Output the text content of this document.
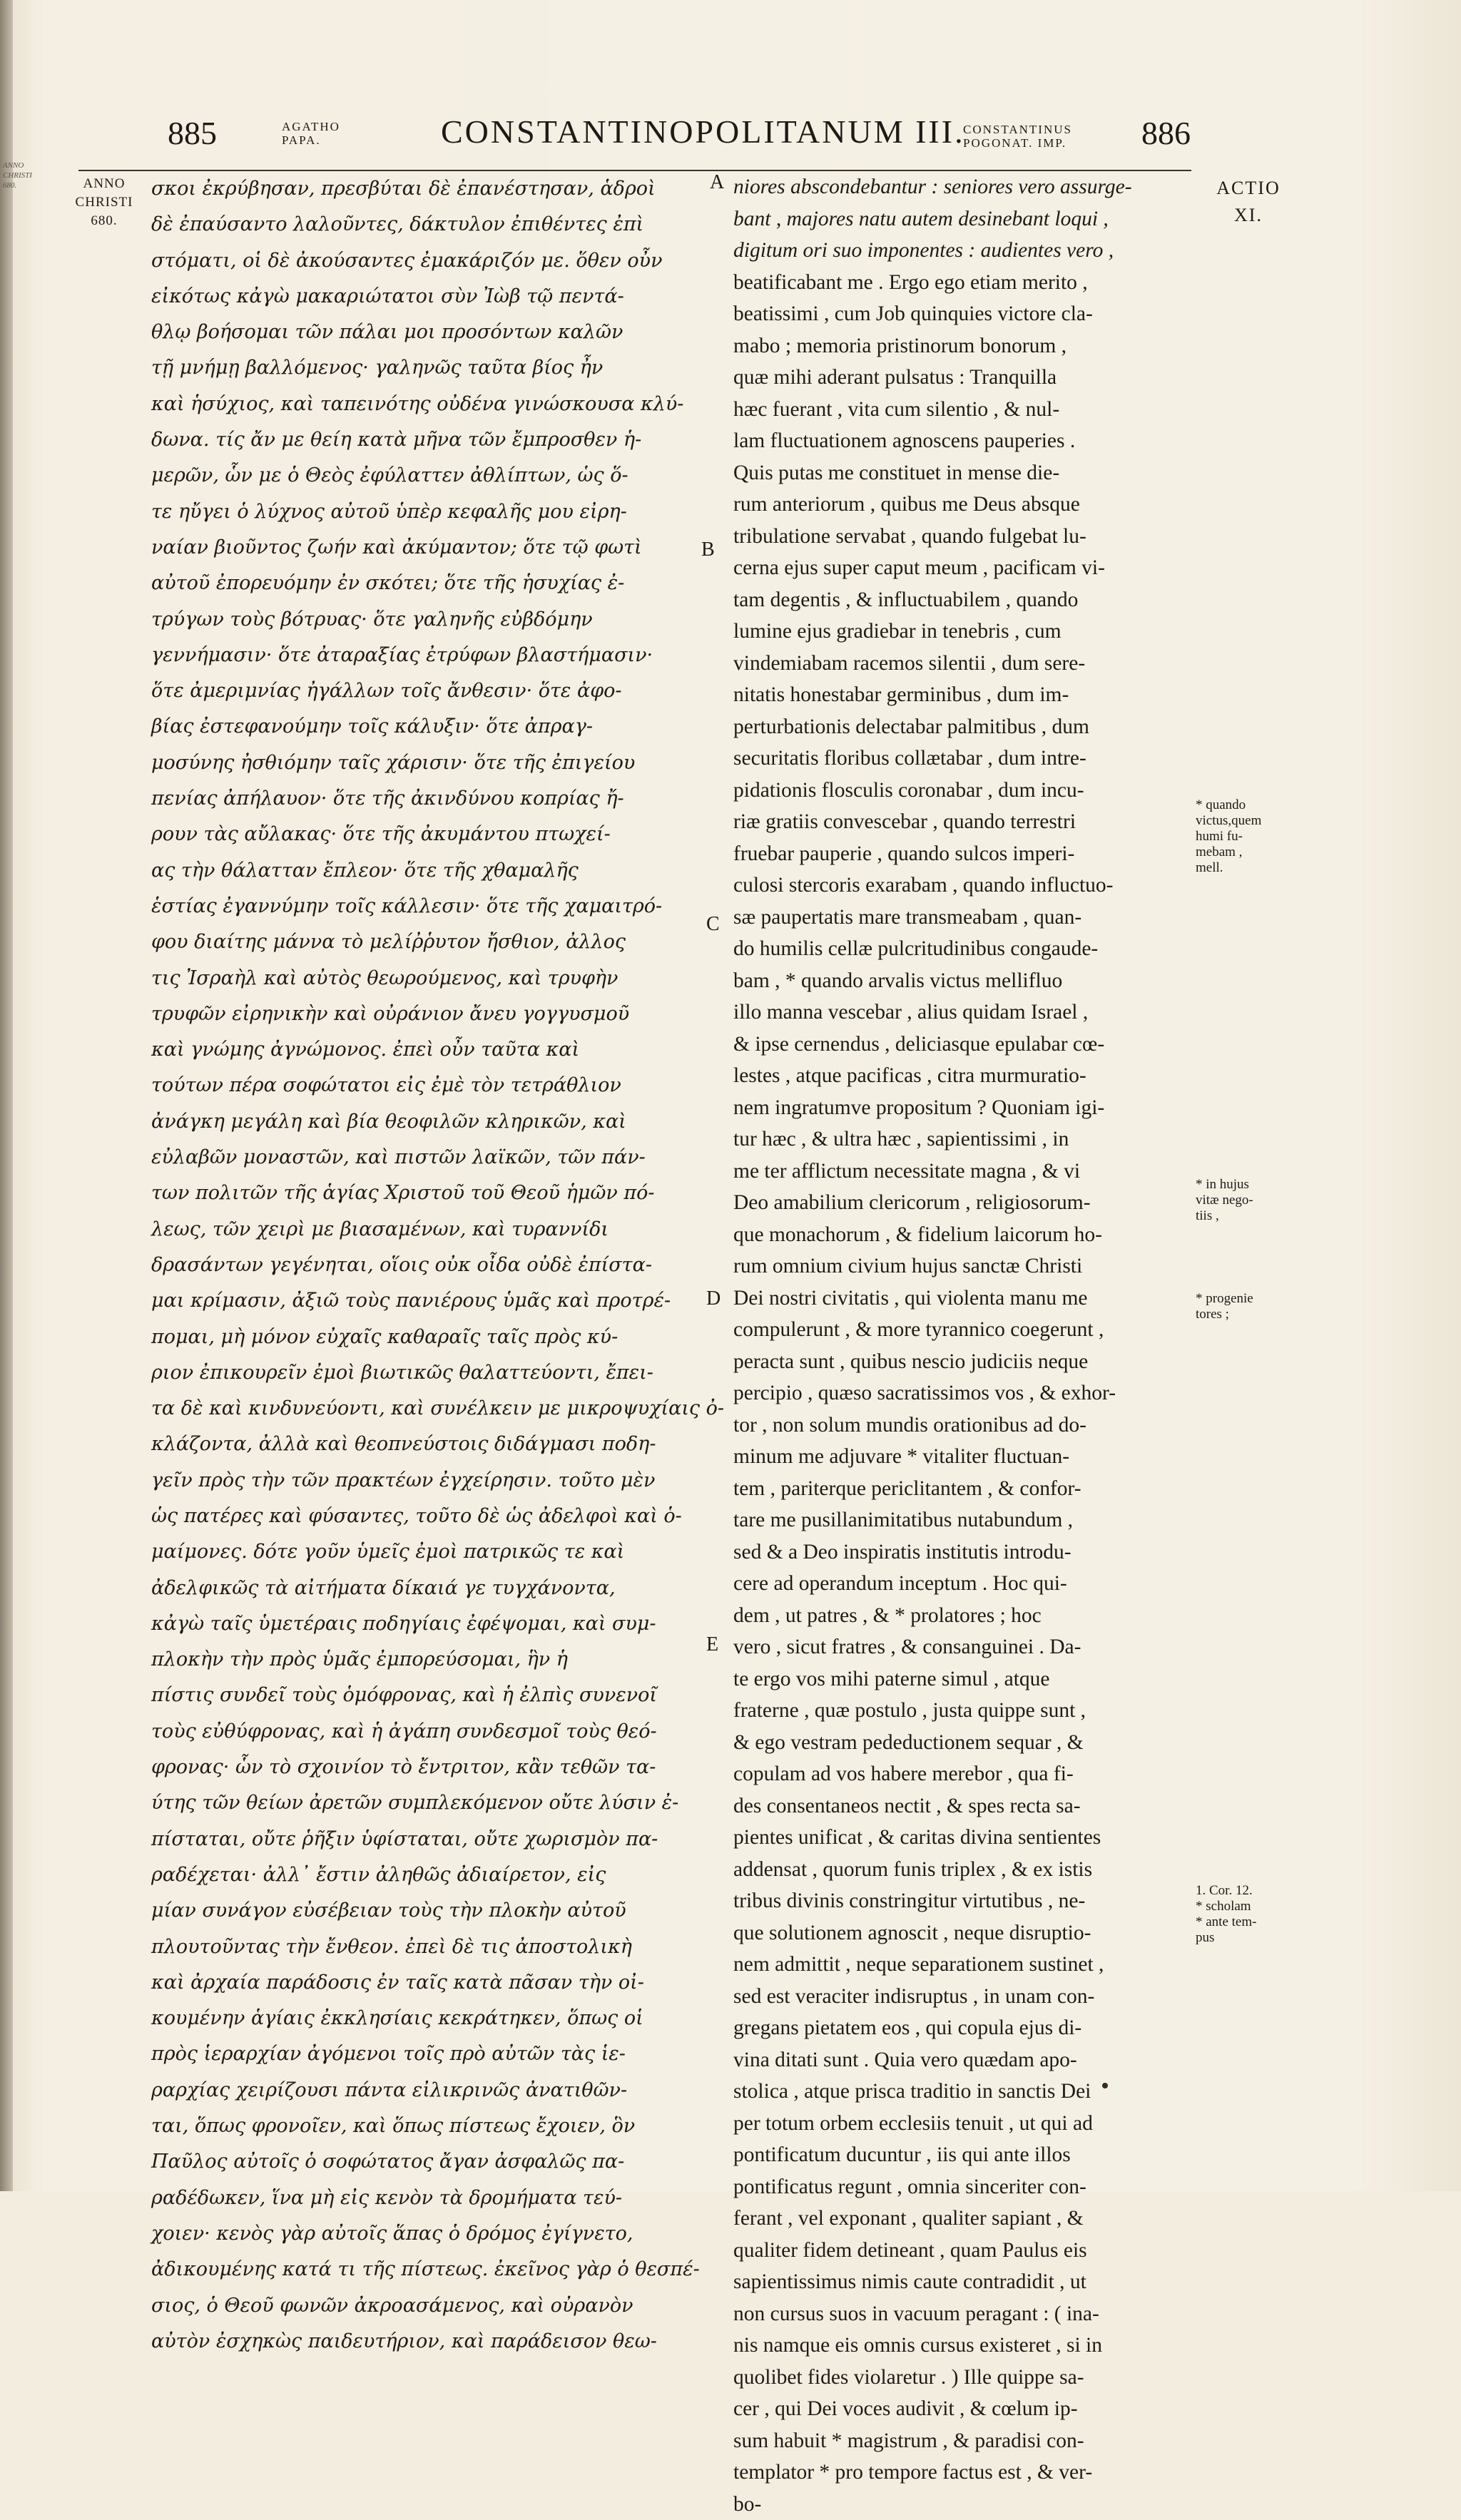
ANNO
CHRISTI
680.
885	AGATHO
PAPA.	CONSTANTINOPOLITANUM III.
CONSTANTINUS
POGONAT. IMP. 886
ANNO
CHRISTI
680.
σκοι ἐκρύβησαν, πρεσβύται δὲ ἐπανέστησαν, ἁδροὶ
δὲ ἐπαύσαντο λαλοῦντες, δάκτυλον ἐπιθέντες ἐπὶ
στόματι, οἱ δὲ ἀκούσαντες ἐμακάριζόν με. ὅθεν οὖν
εἰκότως κἀγὼ μακαριώτατοι σὺν Ἰὼβ τῷ πεντά-
θλῳ βοήσομαι τῶν πάλαι μοι προσόντων καλῶν
τῇ μνήμῃ βαλλόμενος· γαληνῶς ταῦτα βίος ἦν
καὶ ἡσύχιος, καὶ ταπεινότης οὐδένα γινώσκουσα κλύ-
δωνα. τίς ἄν με θείη κατὰ μῆνα τῶν ἔμπροσθεν ἡ-
μερῶν, ὧν με ὁ Θεὸς ἐφύλαττεν ἀθλίπτων, ὡς ὅ-
τε ηὔγει ὁ λύχνος αὐτοῦ ὑπὲρ κεφαλῆς μου εἰρη-
ναίαν βιοῦντος ζωήν καὶ ἀκύμαντον; ὅτε τῷ φωτὶ
αὐτοῦ ἐπορευόμην ἐν σκότει; ὅτε τῆς ἡσυχίας ἐ-
τρύγων τοὺς βότρυας· ὅτε γαληνῆς εὐβδόμην
γεννήμασιν· ὅτε ἀταραξίας ἐτρύφων βλαστήμασιν·
ὅτε ἀμεριμνίας ἠγάλλων τοῖς ἄνθεσιν· ὅτε ἀφο-
βίας ἐστεφανούμην τοῖς κάλυξιν· ὅτε ἀπραγ-
μοσύνης ἠσθιόμην ταῖς χάρισιν· ὅτε τῆς ἐπιγείου
πενίας ἀπήλαυον· ὅτε τῆς ἀκινδύνου κοπρίας ἤ-
ρουν τὰς αὔλακας· ὅτε τῆς ἀκυμάντου πτωχεί-
ας τὴν θάλατταν ἔπλεον· ὅτε τῆς χθαμαλῆς
ἑστίας ἐγαννύμην τοῖς κάλλεσιν· ὅτε τῆς χαμαιτρό-
φου διαίτης μάννα τὸ μελίῤῥυτον ἤσθιον, ἀλλος
τις Ἰσραὴλ καὶ αὐτὸς θεωρούμενος, καὶ τρυφὴν
τρυφῶν εἰρηνικὴν καὶ οὐράνιον ἄνευ γογγυσμοῦ
καὶ γνώμης ἀγνώμονος. ἐπεὶ οὖν ταῦτα καὶ
τούτων πέρα σοφώτατοι εἰς ἐμὲ τὸν τετράθλιον
ἀνάγκη μεγάλη καὶ βία θεοφιλῶν κληρικῶν, καὶ
εὐλαβῶν μοναστῶν, καὶ πιστῶν λαϊκῶν, τῶν πάν-
των πολιτῶν τῆς ἁγίας Χριστοῦ τοῦ Θεοῦ ἡμῶν πό-
λεως, τῶν χειρὶ με βιασαμένων, καὶ τυραννίδι
δρασάντων γεγένηται, οἵοις οὐκ οἶδα οὐδὲ ἐπίστα-
μαι κρίμασιν, ἀξιῶ τοὺς πανιέρους ὑμᾶς καὶ προτρέ-
πομαι, μὴ μόνον εὐχαῖς καθαραῖς ταῖς πρὸς κύ-
ριον ἐπικουρεῖν ἐμοὶ βιωτικῶς θαλαττεύοντι, ἔπει-
τα δὲ καὶ κινδυνεύοντι, καὶ συνέλκειν με μικροψυχίαις ὀ-
κλάζοντα, ἀλλὰ καὶ θεοπνεύστοις διδάγμασι ποδη-
γεῖν πρὸς τὴν τῶν πρακτέων ἐγχείρησιν. τοῦτο μὲν
ὡς πατέρες καὶ φύσαντες, τοῦτο δὲ ὡς ἀδελφοὶ καὶ ὁ-
μαίμονες. δότε γοῦν ὑμεῖς ἐμοὶ πατρικῶς τε καὶ
ἀδελφικῶς τὰ αἰτήματα δίκαιά γε τυγχάνοντα,
κἀγὼ ταῖς ὑμετέραις ποδηγίαις ἐφέψομαι, καὶ συμ-
πλοκὴν τὴν πρὸς ὑμᾶς ἐμπορεύσομαι, ἣν ἡ
πίστις συνδεῖ τοὺς ὁμόφρονας, καὶ ἡ ἐλπὶς συνενοῖ
τοὺς εὐθύφρονας, καὶ ἡ ἀγάπη συνδεσμοῖ τοὺς θεό-
φρονας· ὧν τὸ σχοινίον τὸ ἔντριτον, κἂν τεθῶν τα-
ύτης τῶν θείων ἀρετῶν συμπλεκόμενον οὔτε λύσιν ἐ-
πίσταται, οὔτε ῥῆξιν ὑφίσταται, οὔτε χωρισμὸν πα-
ραδέχεται· ἀλλ᾽ ἔστιν ἀληθῶς ἀδιαίρετον, εἰς
μίαν συνάγον εὐσέβειαν τοὺς τὴν πλοκὴν αὐτοῦ
πλουτοῦντας τὴν ἔνθεον. ἐπεὶ δὲ τις ἀποστολικὴ
καὶ ἀρχαία παράδοσις ἐν ταῖς κατὰ πᾶσαν τὴν οἰ-
κουμένην ἁγίαις ἐκκλησίαις κεκράτηκεν, ὅπως οἱ
πρὸς ἱεραρχίαν ἀγόμενοι τοῖς πρὸ αὐτῶν τὰς ἱε-
ραρχίας χειρίζουσι πάντα εἰλικρινῶς ἀνατιθῶν-
ται, ὅπως φρονοῖεν, καὶ ὅπως πίστεως ἔχοιεν, ὃν
Παῦλος αὐτοῖς ὁ σοφώτατος ἄγαν ἀσφαλῶς πα-
ραδέδωκεν, ἵνα μὴ εἰς κενὸν τὰ δρομήματα τεύ-
χοιεν· κενὸς γὰρ αὐτοῖς ἅπας ὁ δρόμος ἐγίγνετο,
ἀδικουμένης κατά τι τῆς πίστεως. ἐκεῖνος γὰρ ὁ θεσπέ-
σιος, ὁ Θεοῦ φωνῶν ἀκροασάμενος, καὶ οὐρανὸν
αὐτὸν ἐσχηκὼς παιδευτήριον, καὶ παράδεισον θεω-
A
B
C
D
E
niores abscondebantur : seniores vero assurge-
bant , majores natu autem desinebant loqui ,
digitum ori suo imponentes : audientes vero ,
beatificabant me . Ergo ego etiam merito ,
beatissimi , cum Job quinquies victore cla-
mabo ; memoria pristinorum bonorum ,
quæ mihi aderant pulsatus : Tranquilla
hæc fuerant , vita cum silentio , & nul-
lam fluctuationem agnoscens pauperies .
Quis putas me constituet in mense die-
rum anteriorum , quibus me Deus absque
tribulatione servabat , quando fulgebat lu-
cerna ejus super caput meum , pacificam vi-
tam degentis , & influctuabilem , quando
lumine ejus gradiebar in tenebris , cum
vindemiabam racemos silentii , dum sere-
nitatis honestabar germinibus , dum im-
perturbationis delectabar palmitibus , dum
securitatis floribus collætabar , dum intre-
pidationis flosculis coronabar , dum incu-
riæ gratiis convescebar , quando terrestri
fruebar pauperie , quando sulcos imperi-
culosi stercoris exarabam , quando influctuo-
sæ paupertatis mare transmeabam , quan-
do humilis cellæ pulcritudinibus congaude-
bam , * quando arvalis victus mellifluo
illo manna vescebar , alius quidam Israel ,
& ipse cernendus , deliciasque epulabar cœ-
lestes , atque pacificas , citra murmuratio-
nem ingratumve propositum ? Quoniam igi-
tur hæc , & ultra hæc , sapientissimi , in
me ter afflictum necessitate magna , & vi
Deo amabilium clericorum , religiosorum-
que monachorum , & fidelium laicorum ho-
rum omnium civium hujus sanctæ Christi
Dei nostri civitatis , qui violenta manu me
compulerunt , & more tyrannico coegerunt ,
peracta sunt , quibus nescio judiciis neque
percipio , quæso sacratissimos vos , & exhor-
tor , non solum mundis orationibus ad do-
minum me adjuvare * vitaliter fluctuan-
tem , pariterque periclitantem , & confor-
tare me pusillanimitatibus nutabundum ,
sed & a Deo inspiratis institutis introdu-
cere ad operandum inceptum . Hoc qui-
dem , ut patres , & * prolatores ; hoc
vero , sicut fratres , & consanguinei . Da-
te ergo vos mihi paterne simul , atque
fraterne , quæ postulo , justa quippe sunt ,
& ego vestram pedeductionem sequar , &
copulam ad vos habere merebor , qua fi-
des consentaneos nectit , & spes recta sa-
pientes unificat , & caritas divina sentientes
addensat , quorum funis triplex , & ex istis
tribus divinis constringitur virtutibus , ne-
que solutionem agnoscit , neque disruptio-
nem admittit , neque separationem sustinet ,
sed est veraciter indisruptus , in unam con-
gregans pietatem eos , qui copula ejus di-
vina ditati sunt . Quia vero quædam apo-
stolica , atque prisca traditio in sanctis Dei
per totum orbem ecclesiis tenuit , ut qui ad
pontificatum ducuntur , iis qui ante illos
pontificatus regunt , omnia sinceriter con-
ferant , vel exponant , qualiter sapiant , &
qualiter fidem detineant , quam Paulus eis
sapientissimus nimis caute contradidit , ut
non cursus suos in vacuum peragant : ( ina-
nis namque eis omnis cursus existeret , si in
quolibet fides violaretur . ) Ille quippe sa-
cer , qui Dei voces audivit , & cœlum ip-
sum habuit * magistrum , & paradisi con-
templator * pro tempore factus est , & ver-
bo-
ACTIO
XI.
* quando
victus,quem
humi fu-
mebam ,
mell.
* in hujus
vitæ nego-
tiis ,
* progenie
tores ;
1. Cor. 12.
* scholam
* ante tem-
pus
